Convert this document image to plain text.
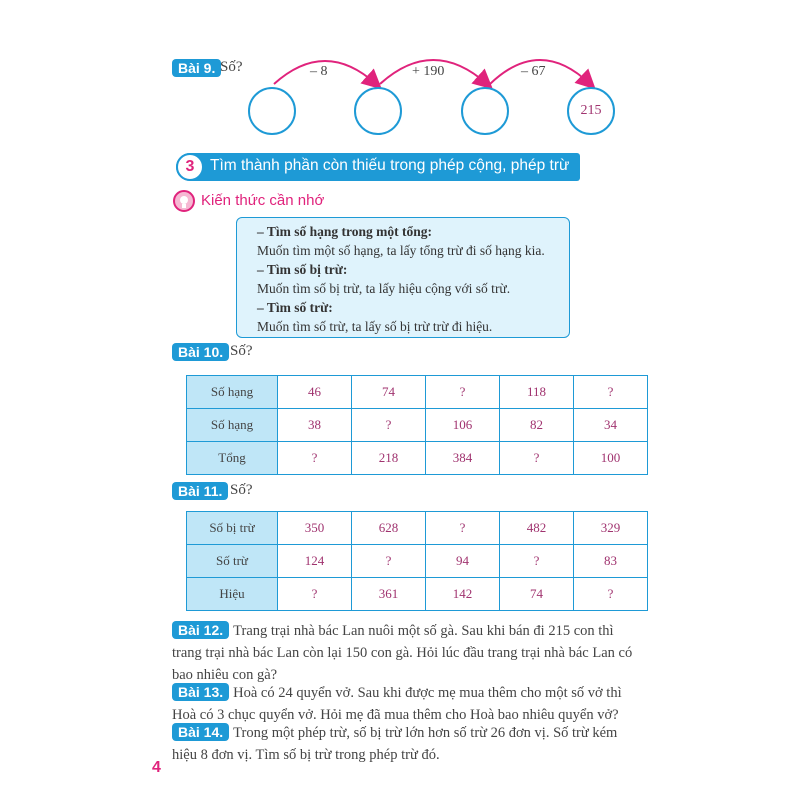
Bài 9 . Số?	– 8	+ 190	– 67
215
3	Tìm thành phần còn thiếu trong phép cộng, phép trừ
Kiến thức cần nhớ
– Tìm số hạng trong một tổng:
Muốn tìm một số hạng, ta lấy tổng trừ đi số hạng kia.
– Tìm số bị trừ:
Muốn tìm số bị trừ, ta lấy hiệu cộng với số trừ.
– Tìm số trừ:
Muốn tìm số trừ, ta lấy số bị trừ trừ đi hiệu.
Bài 10 . Số?
Số hạng	46	74	?	118	?
Số hạng	38	?	106	82	34
Tổng	?	218	384	?	100
Bài 11 . Số?
Số bị trừ	350	628	?	482	329
Số trừ	124	?	94	?	83
Hiệu	?	361	142	74	?
Bài 12 . Trang trại nhà bác Lan nuôi một số gà. Sau khi bán đi 215 con thì trang trại nhà bác Lan còn lại 150 con gà. Hỏi lúc đầu trang trại nhà bác Lan có bao nhiêu con gà?
Bài 13 . Hoà có 24 quyển vở. Sau khi được mẹ mua thêm cho một số vở thì Hoà có 3 chục quyển vở. Hỏi mẹ đã mua thêm cho Hoà bao nhiêu quyển vở?
Bài 14 . Trong một phép trừ, số bị trừ lớn hơn số trừ 26 đơn vị. Số trừ kém hiệu 8 đơn vị. Tìm số bị trừ trong phép trừ đó.
4
